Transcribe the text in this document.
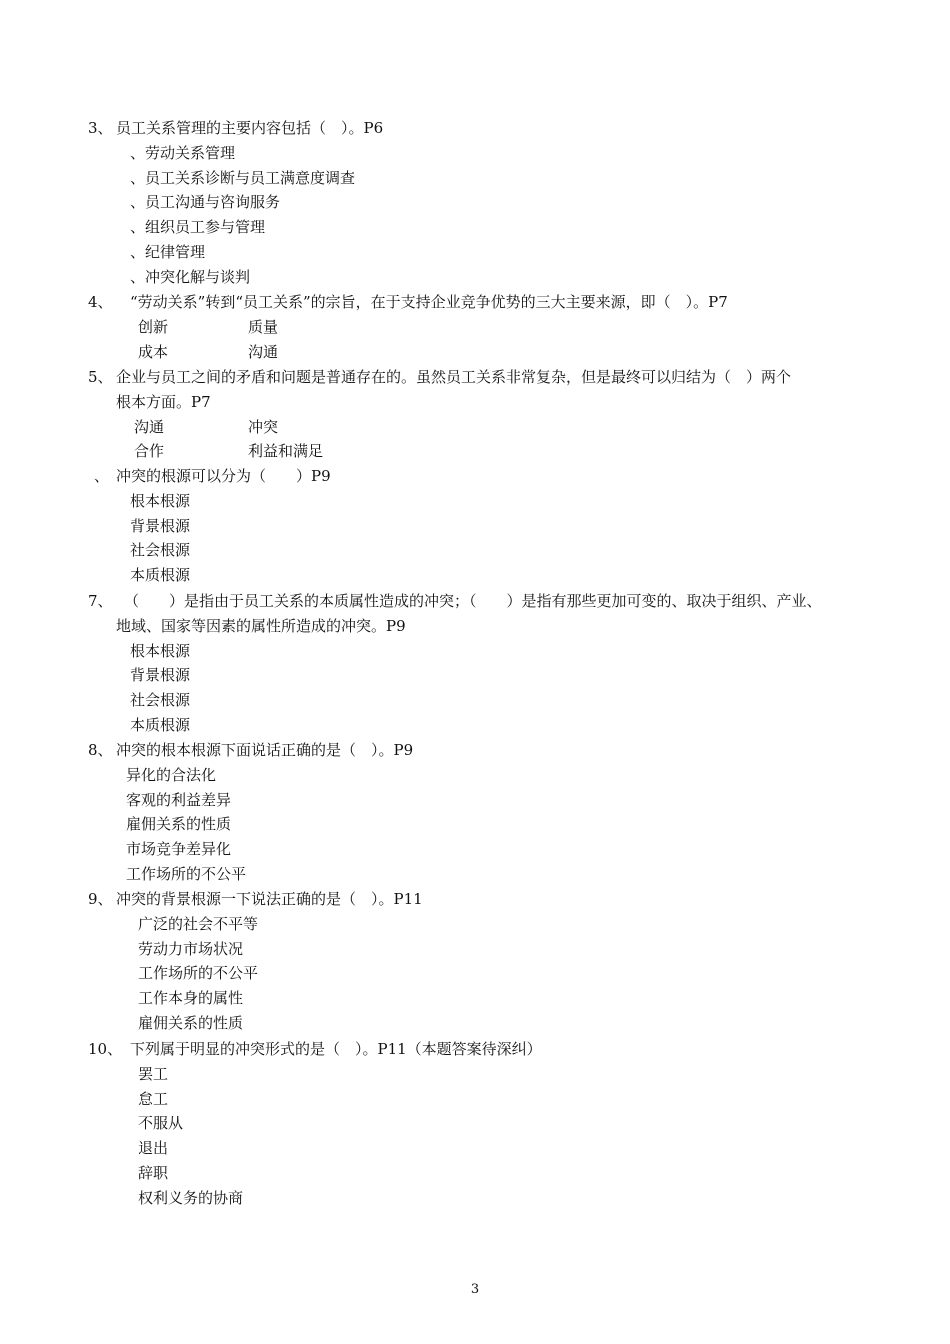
3、 员工关系管理的主要内容包括（　）。P6
、劳动关系管理
、员工关系诊断与员工满意度调查
、员工沟通与咨询服务
、组织员工参与管理
、纪律管理
、冲突化解与谈判
4、	“劳动关系”转到“员工关系”的宗旨，在于支持企业竞争优势的三大主要来源，即（　）。P7
创新	质量
成本	沟通
5、 企业与员工之间的矛盾和问题是普通存在的。虽然员工关系非常复杂，但是最终可以归结为（　）两个
根本方面。P7
沟通	冲突
合作	利益和满足
、 冲突的根源可以分为（　　）P9
根本根源
背景根源
社会根源
本质根源
7、 （　　）是指由于员工关系的本质属性造成的冲突；（　　）是指有那些更加可变的、取决于组织、产业、
地域、国家等因素的属性所造成的冲突。P9
根本根源
背景根源
社会根源
本质根源
8、 冲突的根本根源下面说话正确的是（　）。P9
异化的合法化
客观的利益差异
雇佣关系的性质
市场竞争差异化
工作场所的不公平
9、 冲突的背景根源一下说法正确的是（　）。P11
广泛的社会不平等
劳动力市场状况
工作场所的不公平
工作本身的属性
雇佣关系的性质
10、 下列属于明显的冲突形式的是（　）。P11（本题答案待深纠）
罢工
怠工
不服从
退出
辞职
权利义务的协商
3
